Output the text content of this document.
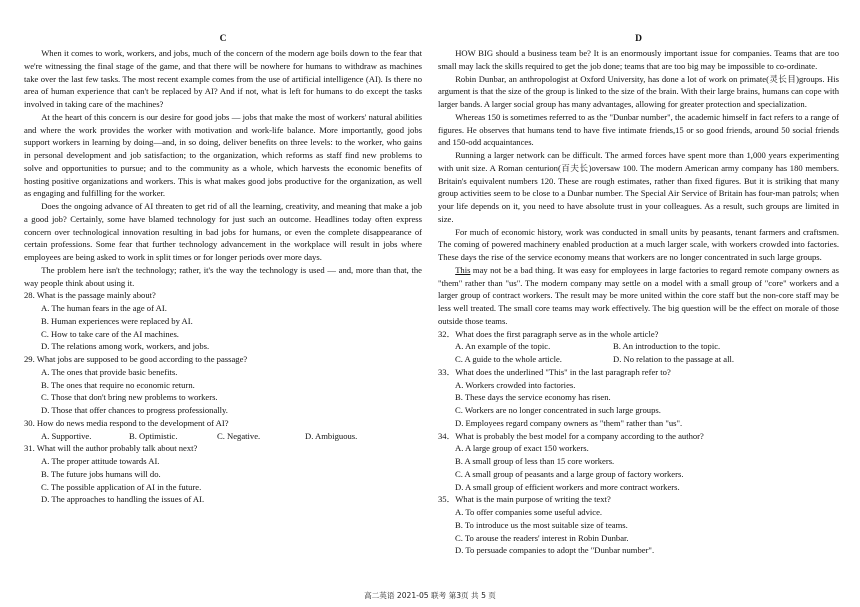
C

When it comes to work, workers, and jobs, much of the concern of the modern age boils down to the fear that we're witnessing the final stage of the game, and that there will be nowhere for humans to withdraw as machines take over the last few tasks. The most recent example comes from the use of artificial intelligence (AI). Is there no area of human experience that can't be replaced by AI? And if not, what is left for humans to do except the tasks involved in taking care of the machines?

At the heart of this concern is our desire for good jobs — jobs that make the most of workers' natural abilities and where the work provides the worker with motivation and work-life balance. More importantly, good jobs support workers in learning by doing—and, in so doing, deliver benefits on three levels: to the worker, who gains in personal development and job satisfaction; to the organization, which reforms as staff find new problems to solve and opportunities to pursue; and to the community as a whole, which harvests the economic benefits of hosting positive organizations and workers. This is what makes good jobs productive for the organization, as well as engaging and fulfilling for the worker.

Does the ongoing advance of AI threaten to get rid of all the learning, creativity, and meaning that make a job a good job? Certainly, some have blamed technology for just such an outcome. Headlines today often express concern over technological innovation resulting in bad jobs for humans, or even the complete disappearance of certain professions. Some fear that further technology advancement in the workplace will result in jobs where employees are being asked to work in split times or for longer periods over more days.

The problem here isn't the technology; rather, it's the way the technology is used — and, more than that, the way people think about using it.

28. What is the passage mainly about?
A. The human fears in the age of AI.
B. Human experiences were replaced by AI.
C. How to take care of the AI machines.
D. The relations among work, workers, and jobs.
29. What jobs are supposed to be good according to the passage?
A. The ones that provide basic benefits.
B. The ones that require no economic return.
C. Those that don't bring new problems to workers.
D. Those that offer chances to progress professionally.
30. How do news media respond to the development of AI?
A. Supportive.	B. Optimistic.	C. Negative.	D. Ambiguous.
31. What will the author probably talk about next?
A. The proper attitude towards AI.
B. The future jobs humans will do.
C. The possible application of AI in the future.
D. The approaches to handling the issues of AI.
D

HOW BIG should a business team be? It is an enormously important issue for companies. Teams that are too small may lack the skills required to get the job done; teams that are too big may be impossible to co-ordinate.

Robin Dunbar, an anthropologist at Oxford University, has done a lot of work on primate(灵长目)groups. His argument is that the size of the group is linked to the size of the brain. With their large brains, humans can cope with larger bands. A larger social group has many advantages, allowing for greater protection and specialization.

Whereas 150 is sometimes referred to as the "Dunbar number", the academic himself in fact refers to a range of figures. He observes that humans tend to have five intimate friends,15 or so good friends, around 50 social friends and 150-odd acquaintances.

Running a larger network can be difficult. The armed forces have spent more than 1,000 years experimenting with unit size. A Roman centurion(百夫长)oversaw 100. The modern American army company has 180 members. Britain's equivalent numbers 120. These are rough estimates, rather than fixed figures. But it is striking that many group activities seem to be close to a Dunbar number. The Special Air Service of Britain has four-man patrols; when your life depends on it, you need to have absolute trust in your colleagues. As a result, such groups are limited in size.

For much of economic history, work was conducted in small units by peasants, tenant farmers and craftsmen. The coming of powered machinery enabled production at a much larger scale, with workers crowded into factories. These days the rise of the service economy means that workers are no longer concentrated in such large groups.

This may not be a bad thing. It was easy for employees in large factories to regard remote company owners as "them" rather than "us". The modern company may settle on a model with a small group of "core" workers and a larger group of contract workers. The result may be more united within the core staff but the non-core staff may be less well treated. The small core teams may work effectively. The big question will be the effect on morale of those outside those teams.

32．What does the first paragraph serve as in the whole article?
A. An example of the topic.	B. An introduction to the topic.
C. A guide to the whole article.	D. No relation to the passage at all.
33．What does the underlined "This" in the last paragraph refer to?
A. Workers crowded into factories.
B. These days the service economy has risen.
C. Workers are no longer concentrated in such large groups.
D. Employees regard company owners as "them" rather than "us".
34．What is probably the best model for a company according to the author?
A. A large group of exact 150 workers.
B. A small group of less than 15 core workers.
C. A small group of peasants and a large group of factory workers.
D. A small group of efficient workers and more contract workers.
35．What is the main purpose of writing the text?
A. To offer companies some useful advice.
B. To introduce us the most suitable size of teams.
C. To arouse the readers' interest in Robin Dunbar.
D. To persuade companies to adopt the "Dunbar number".
高二英语 2021-05 联考 第3页 共 5 页
